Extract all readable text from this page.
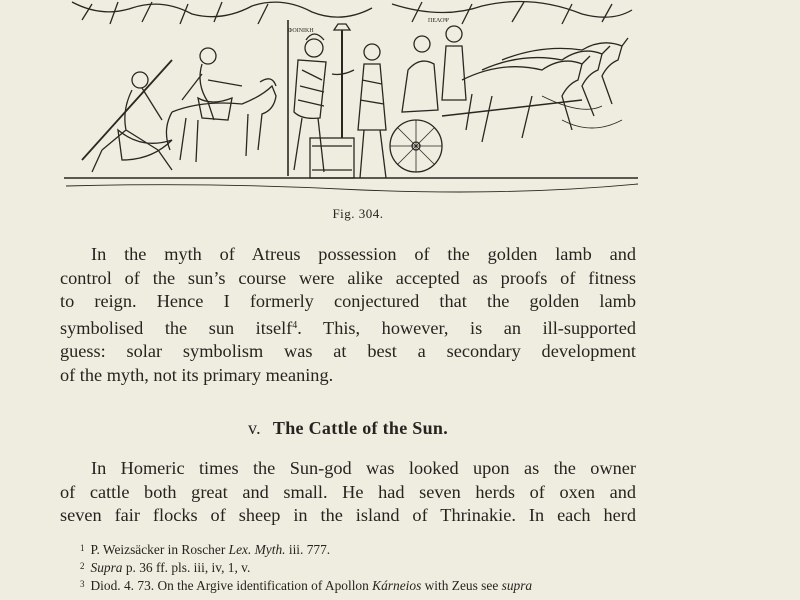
ΦΟΙΝΙΚΗ
ΠΕΛΟΨ
Fig. 304.
In the myth of Atreus possession of the golden lamb and
control of the sun’s course were alike accepted as proofs of fitness
to reign. Hence I formerly conjectured that the golden lamb
symbolised the sun itself$^4$. This, however, is an ill-supported
guess: solar symbolism was at best a secondary development
of the myth, not its primary meaning.
v. The Cattle of the Sun.
In Homeric times the Sun-god was looked upon as the owner
of cattle both great and small. He had seven herds of oxen and
seven fair flocks of sheep in the island of Thrinakie. In each herd
$^1$ P. Weizsäcker in Roscher Lex. Myth. iii. 777.
$^2$ Supra p. 36 ff. pls. iii, iv, 1, v.
$^3$ Diod. 4. 73. On the Argive identification of Apollon Kárneios with Zeus see supra
